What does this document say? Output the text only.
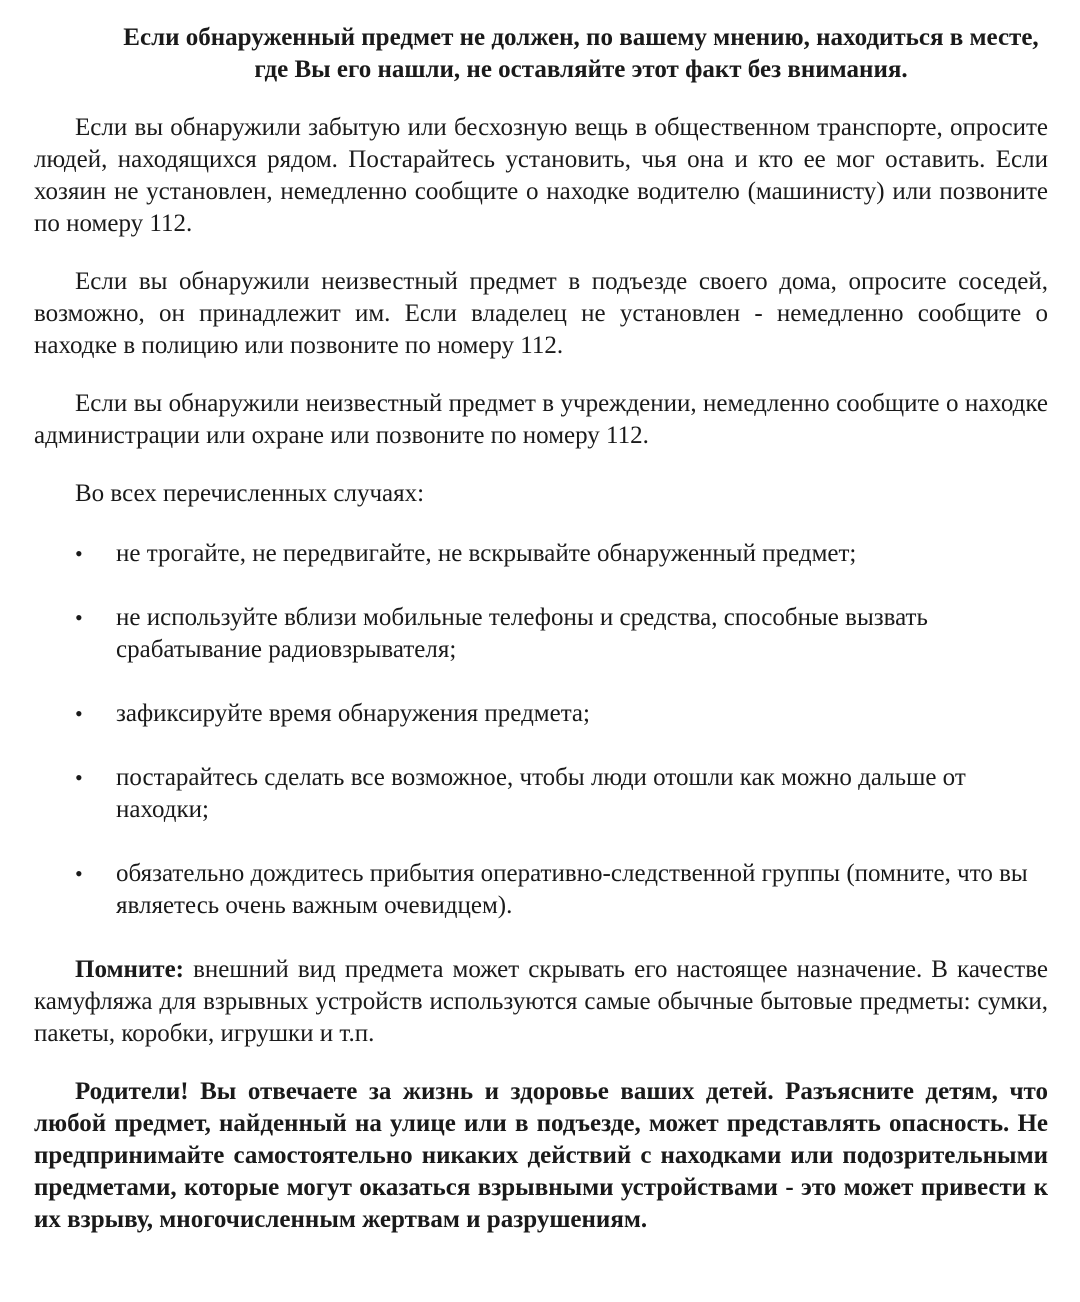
Если обнаруженный предмет не должен, по вашему мнению, находиться в месте, где Вы его нашли, не оставляйте этот факт без внимания.

Если вы обнаружили забытую или бесхозную вещь в общественном транспорте, опросите людей, находящихся рядом. Постарайтесь установить, чья она и кто ее мог оставить. Если хозяин не установлен, немедленно сообщите о находке водителю (машинисту) или позвоните по номеру 112.

Если вы обнаружили неизвестный предмет в подъезде своего дома, опросите соседей, возможно, он принадлежит им. Если владелец не установлен - немедленно сообщите о находке в полицию или позвоните по номеру 112.

Если вы обнаружили неизвестный предмет в учреждении, немедленно сообщите о находке администрации или охране или позвоните по номеру 112.

Во всех перечисленных случаях:

• не трогайте, не передвигайте, не вскрывайте обнаруженный предмет;
• не используйте вблизи мобильные телефоны и средства, способные вызвать срабатывание радиовзрывателя;
• зафиксируйте время обнаружения предмета;
• постарайтесь сделать все возможное, чтобы люди отошли как можно дальше от находки;
• обязательно дождитесь прибытия оперативно-следственной группы (помните, что вы являетесь очень важным очевидцем).

Помните: внешний вид предмета может скрывать его настоящее назначение. В качестве камуфляжа для взрывных устройств используются самые обычные бытовые предметы: сумки, пакеты, коробки, игрушки и т.п.

Родители! Вы отвечаете за жизнь и здоровье ваших детей. Разъясните детям, что любой предмет, найденный на улице или в подъезде, может представлять опасность. Не предпринимайте самостоятельно никаких действий с находками или подозрительными предметами, которые могут оказаться взрывными устройствами - это может привести к их взрыву, многочисленным жертвам и разрушениям.
